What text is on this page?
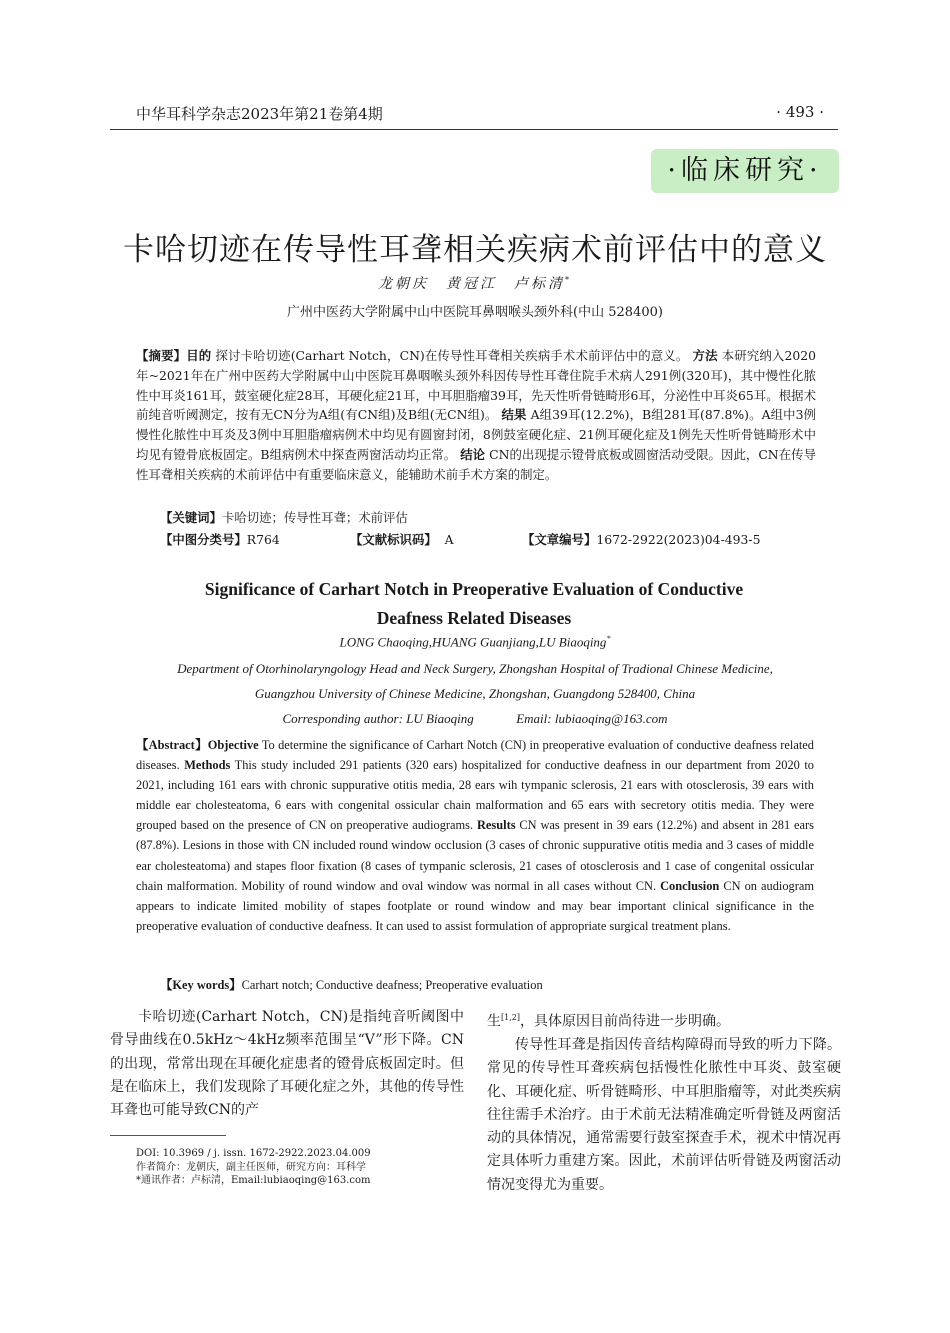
中华耳科学杂志2023年第21卷第4期	· 493 ·
·临床研究·
卡哈切迹在传导性耳聋相关疾病术前评估中的意义
龙朝庆　黄冠江　卢标清*
广州中医药大学附属中山中医院耳鼻咽喉头颈外科(中山 528400)
【摘要】目的 探讨卡哈切迹(Carhart Notch，CN)在传导性耳聋相关疾病手术术前评估中的意义。 方法 本研究纳入2020年~2021年在广州中医药大学附属中山中医院耳鼻咽喉头颈外科因传导性耳聋住院手术病人291例(320耳)，其中慢性化脓性中耳炎161耳，鼓室硬化症28耳，耳硬化症21耳，中耳胆脂瘤39耳，先天性听骨链畸形6耳，分泌性中耳炎65耳。根据术前纯音听阈测定，按有无CN分为A组(有CN组)及B组(无CN组)。 结果 A组39耳(12.2%)，B组281耳(87.8%)。A组中3例慢性化脓性中耳炎及3例中耳胆脂瘤病例术中均见有圆窗封闭，8例鼓室硬化症、21例耳硬化症及1例先天性听骨链畸形术中均见有镫骨底板固定。B组病例术中探查两窗活动均正常。 结论 CN的出现提示镫骨底板或圆窗活动受限。因此，CN在传导性耳聋相关疾病的术前评估中有重要临床意义，能辅助术前手术方案的制定。
【关键词】卡哈切迹；传导性耳聋；术前评估
【中图分类号】R764	【文献标识码】 A	【文章编号】1672-2922(2023)04-493-5
Significance of Carhart Notch in Preoperative Evaluation of Conductive
Deafness Related Diseases
LONG Chaoqing,HUANG Guanjiang,LU Biaoqing*
Department of Otorhinolaryngology Head and Neck Surgery, Zhongshan Hospital of Tradional Chinese Medicine,
Guangzhou University of Chinese Medicine, Zhongshan, Guangdong 528400, China
Corresponding author: LU Biaoqing	Email: lubiaoqing@163.com
【Abstract】Objective To determine the significance of Carhart Notch (CN) in preoperative evaluation of conductive deafness related diseases. Methods This study included 291 patients (320 ears) hospitalized for conductive deafness in our department from 2020 to 2021, including 161 ears with chronic suppurative otitis media, 28 ears wih tympanic sclerosis, 21 ears with otosclerosis, 39 ears with middle ear cholesteatoma, 6 ears with congenital ossicular chain malformation and 65 ears with secretory otitis media. They were grouped based on the presence of CN on preoperative audiograms. Results CN was present in 39 ears (12.2%) and absent in 281 ears (87.8%). Lesions in those with CN included round window occlusion (3 cases of chronic suppurative otitis media and 3 cases of middle ear cholesteatoma) and stapes floor fixation (8 cases of tympanic sclerosis, 21 cases of otosclerosis and 1 case of congenital ossicular chain malformation. Mobility of round window and oval window was normal in all cases without CN. Conclusion CN on audiogram appears to indicate limited mobility of stapes footplate or round window and may bear important clinical significance in the preoperative evaluation of conductive deafness. It can used to assist formulation of appropriate surgical treatment plans.
【Key words】Carhart notch; Conductive deafness; Preoperative evaluation

卡哈切迹(Carhart Notch，CN)是指纯音听阈图中骨导曲线在0.5kHz～4kHz频率范围呈“V”形下降。CN的出现，常常出现在耳硬化症患者的镫骨底板固定时。但是在临床上，我们发现除了耳硬化症之外，其他的传导性耳聋也可能导致CN的产

生[1,2]，具体原因目前尚待进一步明确。

传导性耳聋是指因传音结构障碍而导致的听力下降。常见的传导性耳聋疾病包括慢性化脓性中耳炎、鼓室硬化、耳硬化症、听骨链畸形、中耳胆脂瘤等，对此类疾病往往需手术治疗。由于术前无法精准确定听骨链及两窗活动的具体情况，通常需要行鼓室探查手术，视术中情况再定具体听力重建方案。因此，术前评估听骨链及两窗活动情况变得尤为重要。

DOI: 10.3969 / j. issn. 1672-2922.2023.04.009
作者简介：龙朝庆，副主任医师，研究方向：耳科学
*通讯作者：卢标清，Email:lubiaoqing@163.com
